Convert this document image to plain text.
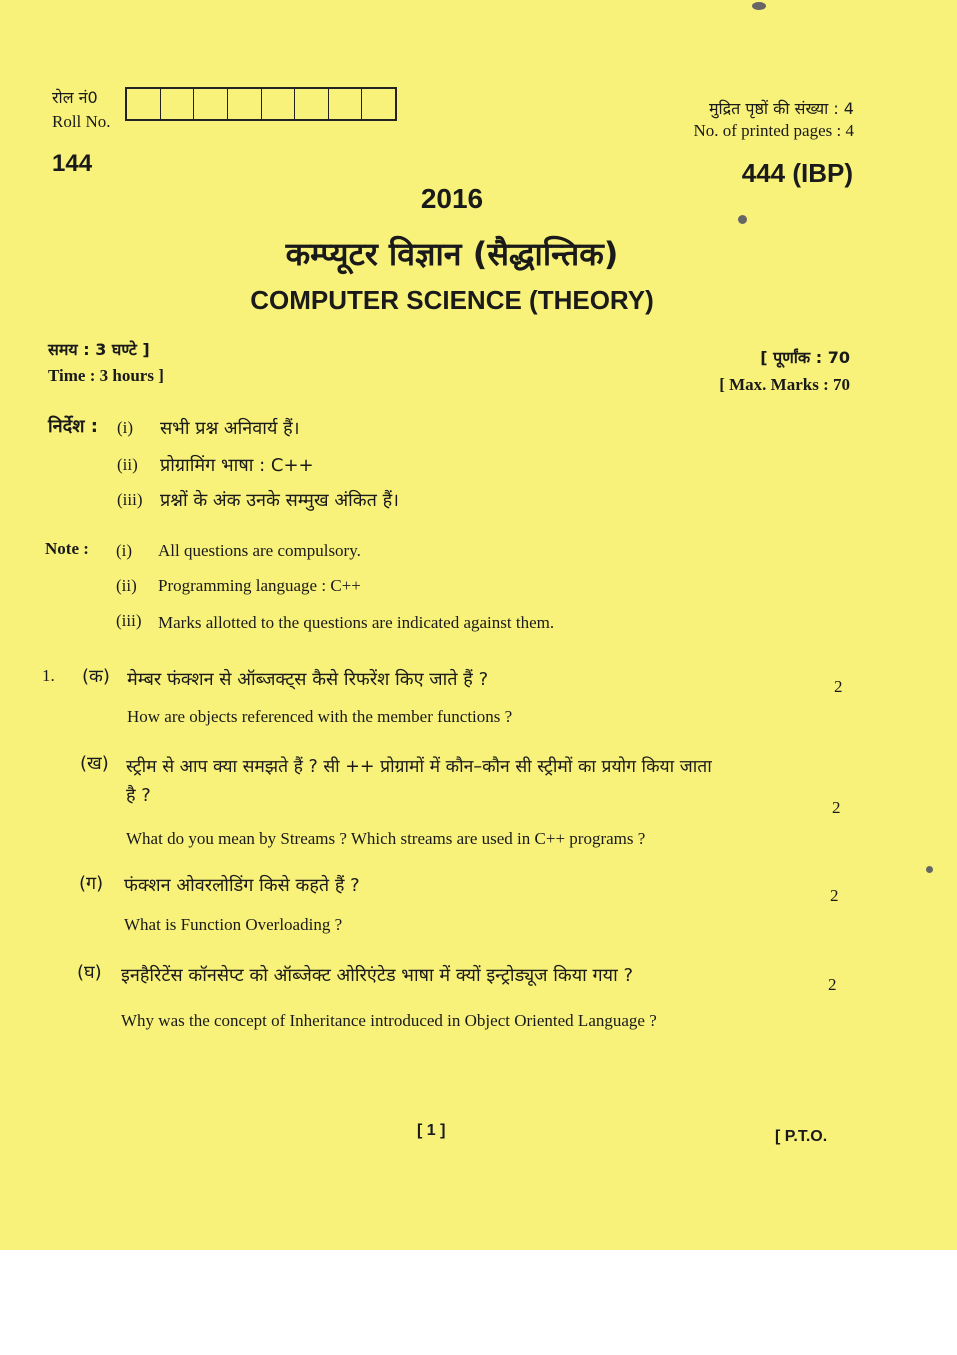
रोल नं0
Roll No.
मुद्रित पृष्ठों की संख्या : 4
No. of printed pages : 4
144	444 (IBP)
2016
कम्प्यूटर विज्ञान (सैद्धान्तिक)
COMPUTER SCIENCE (THEORY)
समय : 3 घण्टे ]
Time : 3 hours ]
[ पूर्णांक : 70
[ Max. Marks : 70
निर्देश : (i) सभी प्रश्न अनिवार्य हैं।
(ii) प्रोग्रामिंग भाषा : C++
(iii) प्रश्नों के अंक उनके सम्मुख अंकित हैं।
Note : (i) All questions are compulsory.
(ii) Programming language : C++
(iii) Marks allotted to the questions are indicated against them.
1. (क) मेम्बर फंक्शन से ऑब्जक्ट्स कैसे रिफरेंश किए जाते हैं ?
How are objects referenced with the member functions ?
2
(ख) स्ट्रीम से आप क्या समझते हैं ? सी ++ प्रोग्रामों में कौन–कौन सी स्ट्रीमों का प्रयोग किया जाता
है ?
What do you mean by Streams ? Which streams are used in C++ programs ?
2
(ग) फंक्शन ओवरलोडिंग किसे कहते हैं ?
What is Function Overloading ?
2
(घ) इनहैरिटेंस कॉनसेप्ट को ऑब्जेक्ट ओरिएंटेड भाषा में क्यों इन्ट्रोड्यूज किया गया ?
Why was the concept of Inheritance introduced in Object Oriented Language ?
2
[ 1 ]	[ P.T.O.
